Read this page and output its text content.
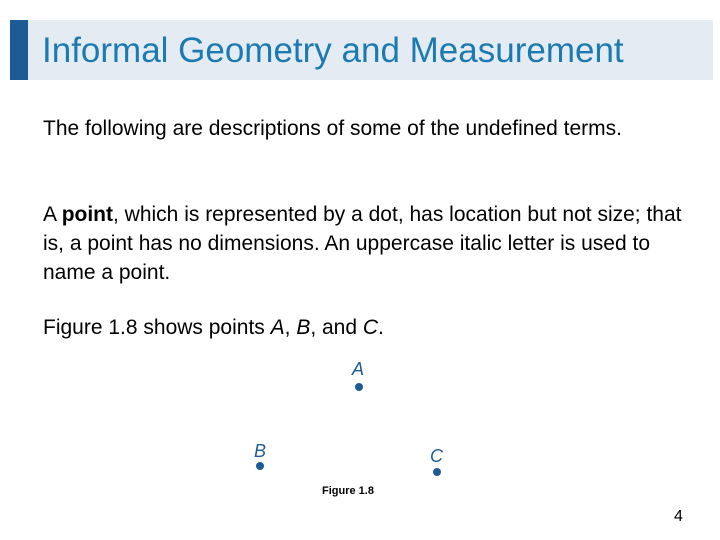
Informal Geometry and Measurement

The following are descriptions of some of the undefined terms.

A point, which is represented by a dot, has location but not size; that is, a point has no dimensions. An uppercase italic letter is used to name a point.

Figure 1.8 shows points A, B, and C.

A
B	C
Figure 1.8
4
